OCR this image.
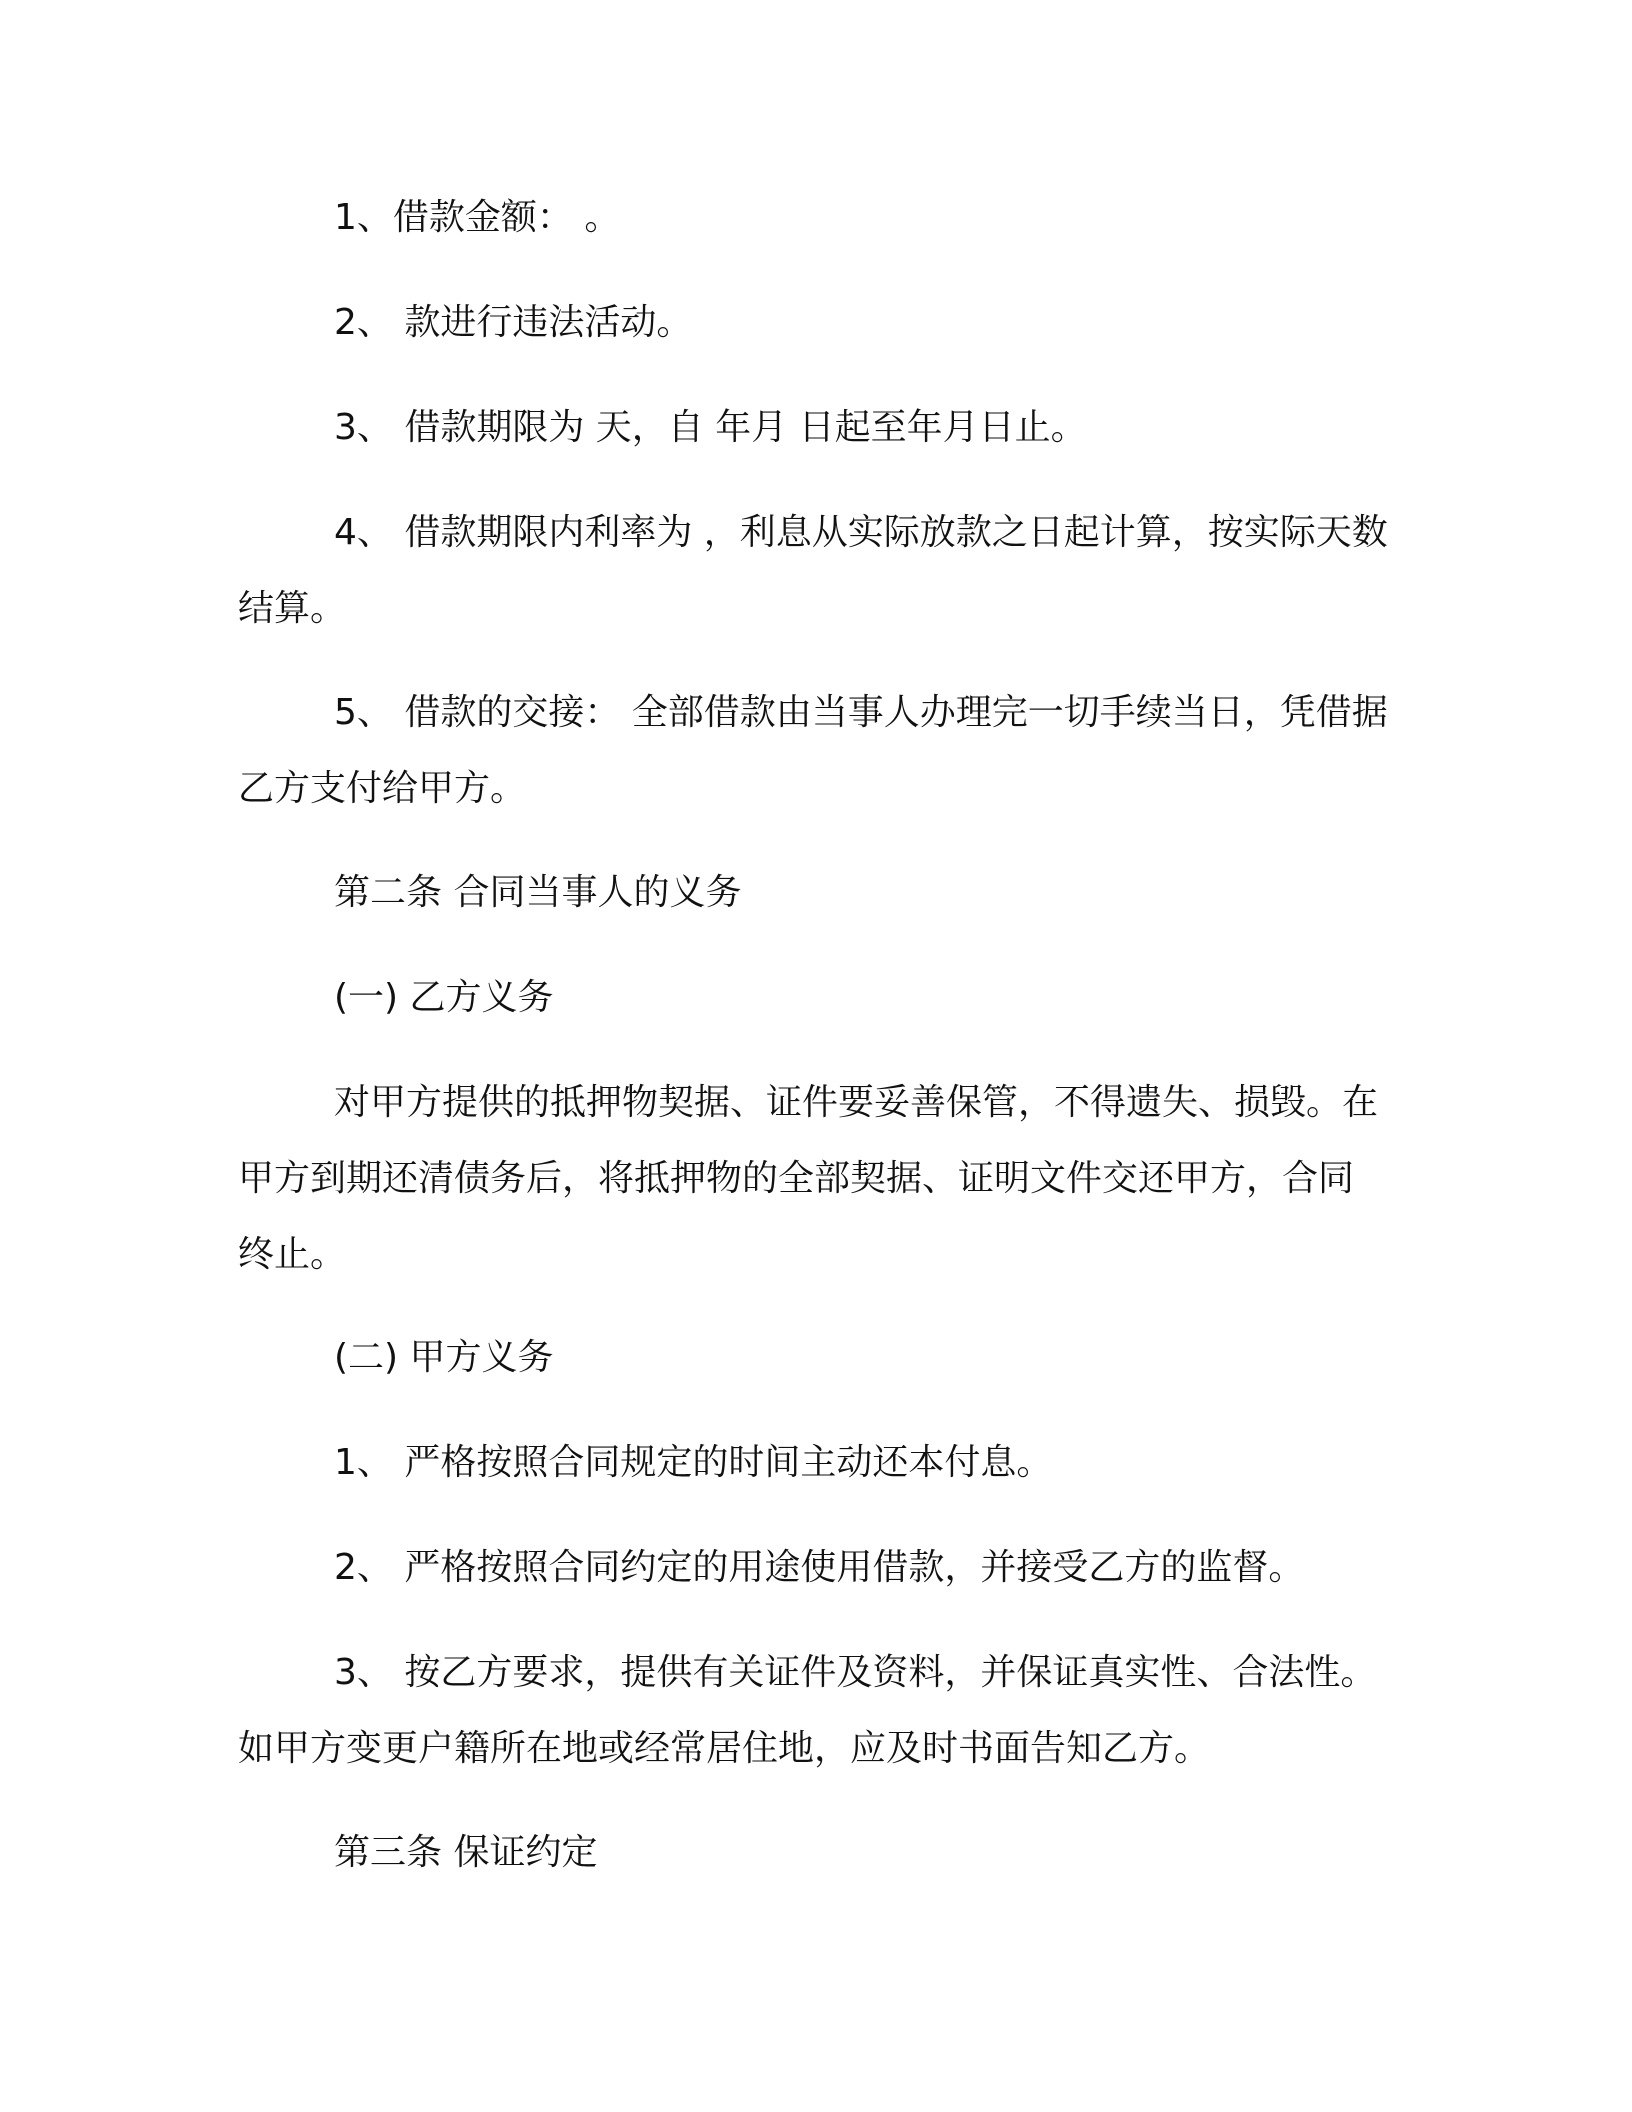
1、借款金额： 。

2、 款进行违法活动。

3、 借款期限为 天，自 年月 日起至年月日止。

4、 借款期限内利率为 ，利息从实际放款之日起计算，按实际天数结算。

5、 借款的交接： 全部借款由当事人办理完一切手续当日，凭借据乙方支付给甲方。

第二条 合同当事人的义务

(一) 乙方义务

对甲方提供的抵押物契据、证件要妥善保管，不得遗失、损毁。在甲方到期还清债务后，将抵押物的全部契据、证明文件交还甲方，合同终止。

(二) 甲方义务

1、 严格按照合同规定的时间主动还本付息。

2、 严格按照合同约定的用途使用借款，并接受乙方的监督。

3、 按乙方要求，提供有关证件及资料，并保证真实性、合法性。如甲方变更户籍所在地或经常居住地，应及时书面告知乙方。

第三条 保证约定
